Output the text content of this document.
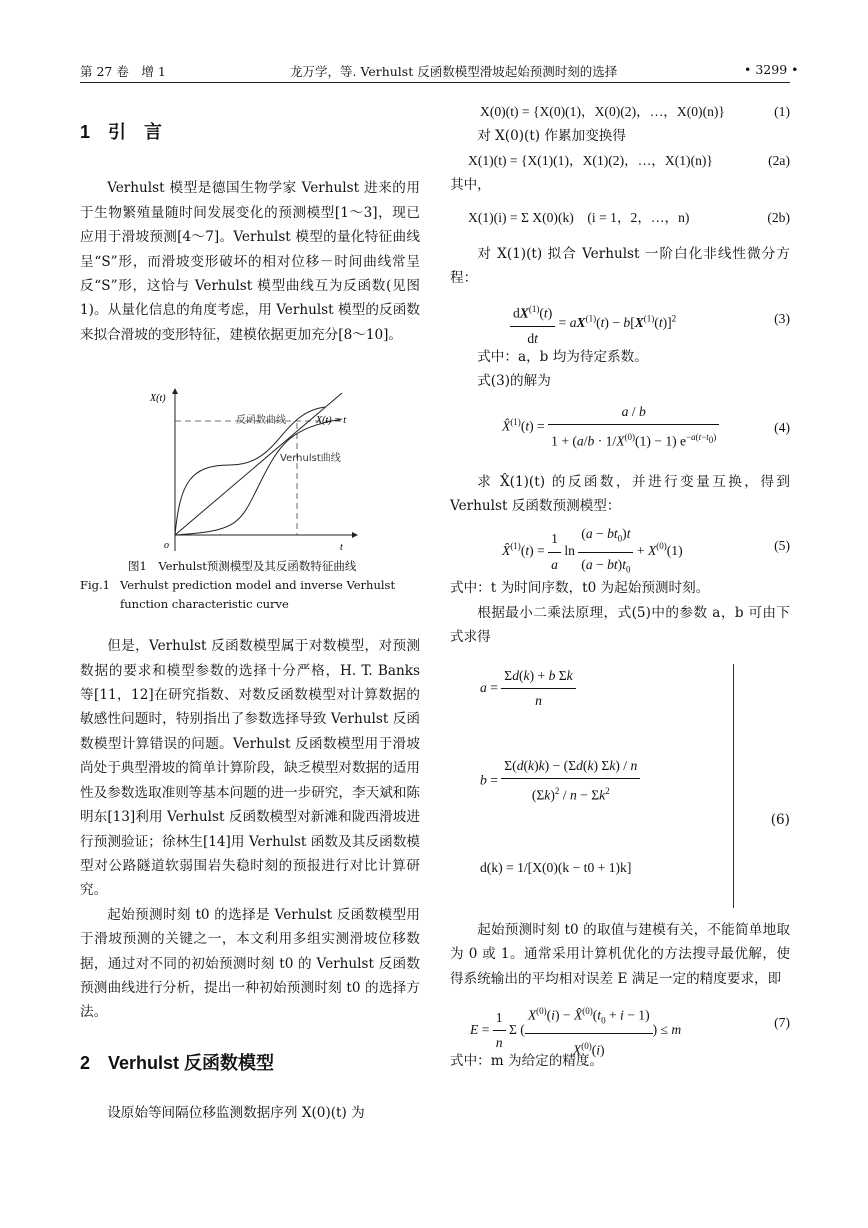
第 27 卷　增 1	龙万学，等. Verhulst 反函数模型滑坡起始预测时刻的选择	• 3299 •
1　引　言

Verhulst 模型是德国生物学家 Verhulst 进来的用于生物繁殖量随时间发展变化的预测模型[1～3]，现已应用于滑坡预测[4～7]。Verhulst 模型的量化特征曲线呈“S”形，而滑坡变形破坏的相对位移－时间曲线常呈反“S”形，这恰与 Verhulst 模型曲线互为反函数(见图 1)。从量化信息的角度考虑，用 Verhulst 模型的反函数来拟合滑坡的变形特征，建模依据更加充分[8～10]。

X(t)
t
o
反函数曲线	X(t) = t
Verhulst曲线
图1　Verhulst预测模型及其反函数特征曲线
Fig.1 Verhulst prediction model and inverse Verhulst function characteristic curve

但是，Verhulst 反函数模型属于对数模型，对预测数据的要求和模型参数的选择十分严格，H. T. Banks 等[11，12]在研究指数、对数反函数模型对计算数据的敏感性问题时，特别指出了参数选择导致 Verhulst 反函数模型计算错误的问题。Verhulst 反函数模型用于滑坡尚处于典型滑坡的简单计算阶段，缺乏模型对数据的适用性及参数选取准则等基本问题的进一步研究，李天斌和陈明东[13]利用 Verhulst 反函数模型对新滩和陇西滑坡进行预测验证；徐林生[14]用 Verhulst 函数及其反函数模型对公路隧道软弱围岩失稳时刻的预报进行对比计算研究。

起始预测时刻 t0 的选择是 Verhulst 反函数模型用于滑坡预测的关键之一，本文利用多组实测滑坡位移数据，通过对不同的初始预测时刻 t0 的 Verhulst 反函数预测曲线进行分析，提出一种初始预测时刻 t0 的选择方法。

2　Verhulst 反函数模型

设原始等间隔位移监测数据序列 X(0)(t) 为

X(0)(t) = {X(0)(1)，X(0)(2)，…，X(0)(n)}	(1)

对 X(0)(t) 作累加变换得

X(1)(t) = {X(1)(1)，X(1)(2)，…，X(1)(n)}	(2a)

其中，

X(1)(i) = Σ X(0)(k)　(i = 1，2，…，n)	(2b)

对 X(1)(t) 拟合 Verhulst 一阶白化非线性微分方程：

$\frac{dX^{(1)}(t)}{dt} = aX^{(1)}(t) - b[X^{(1)}(t)]^2$	(3)

式中：a，b 均为待定系数。

式(3)的解为

X̂$^{(1)}$(t) = $\frac{a / b}{1 + (a/b \cdot 1/X^{(0)}(1) - 1) e^{-a(t-t_0)}}$	(4)

求 X̂(1)(t) 的反函数，并进行变量互换，得到 Verhulst 反函数预测模型：

X̂$^{(1)}$(t) = $\frac{1}{a}$ $\ln \frac{(a - bt_0)t}{(a - bt)t_0} + X^{(0)}(1)$	(5)

式中：t 为时间序数，t0 为起始预测时刻。

根据最小二乘法原理，式(5)中的参数 a，b 可由下式求得

$a = \frac{\text{Σd(k) + b Σk}}{n}$
$b = \frac{\Sigma(d(k)k) - (\Sigma d(k) \Sigma k) / n}{(\Sigma k)^2 / n - \Sigma k^2}$
d(k) = 1/[X(0)(k − t0 + 1)k]
(6)

起始预测时刻 t0 的取值与建模有关，不能简单地取为 0 或 1。通常采用计算机优化的方法搜寻最优解，使得系统输出的平均相对误差 E 满足一定的精度要求，即

$E = \frac{1}{n}$ Σ ( $\frac{X^{(0)}(i) - X̂^{(0)}(t_0 + i - 1)}{X^{(0)}(i)}$ ) ≤ m	(7)

式中：m 为给定的精度。
